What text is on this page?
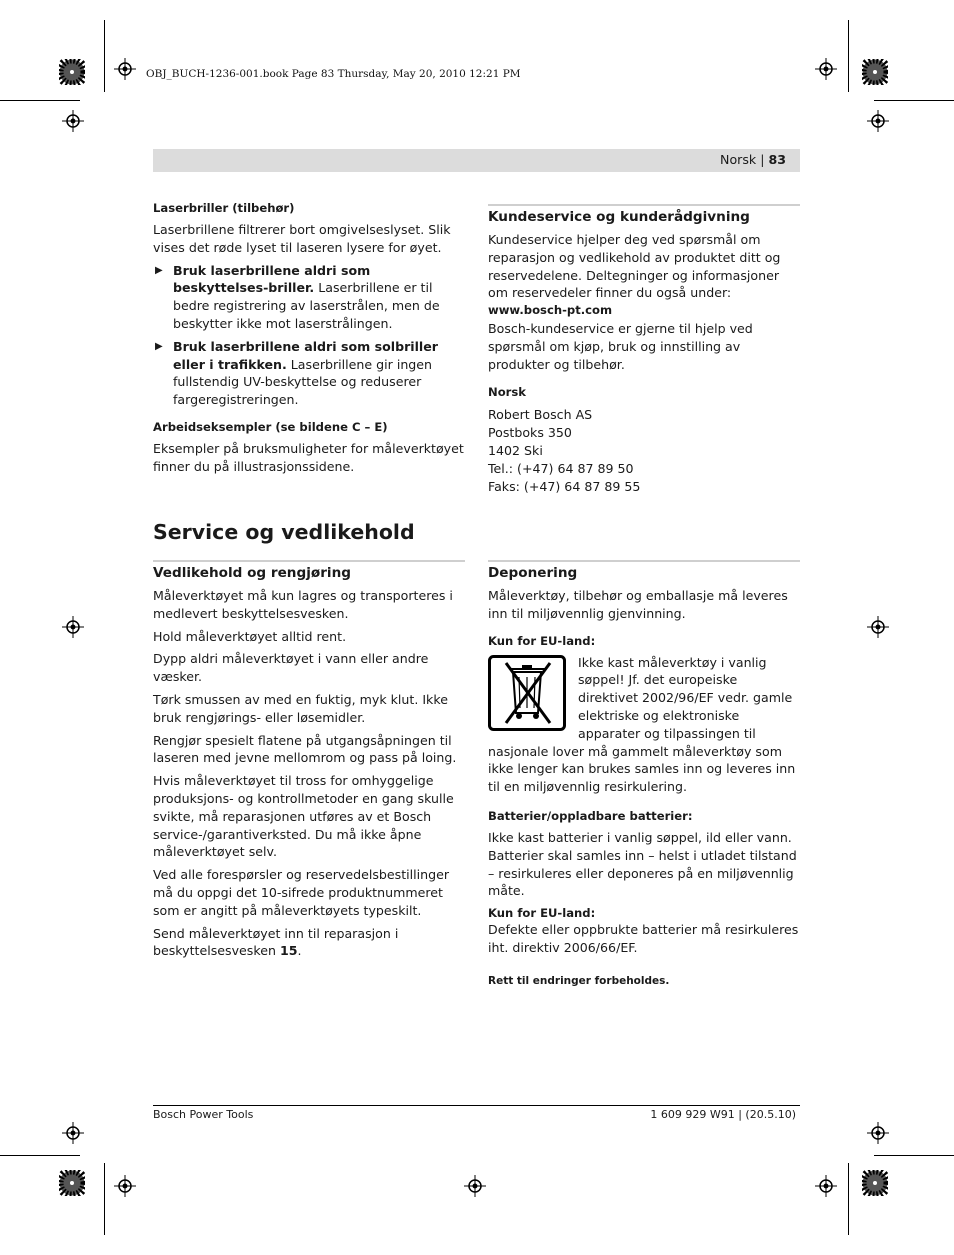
OBJ_BUCH-1236-001.book Page 83 Thursday, May 20, 2010 12:21 PM
Norsk | 83
Laserbriller (tilbehør)

Laserbrillene filtrerer bort omgivelseslyset. Slik vises det røde lyset til laseren lysere for øyet.

▶ Bruk laserbrillene aldri som beskyttelses-briller. Laserbrillene er til bedre registrering av laserstrålen, men de beskytter ikke mot laserstrålingen.
▶ Bruk laserbrillene aldri som solbriller eller i trafikken. Laserbrillene gir ingen fullstendig UV-beskyttelse og reduserer fargeregistreringen.
Arbeidseksempler (se bildene C – E)

Eksempler på bruksmuligheter for måleverktøyet finner du på illustrasjonssidene.

Kundeservice og kunderådgivning

Kundeservice hjelper deg ved spørsmål om reparasjon og vedlikehold av produktet ditt og reservedelene. Deltegninger og informasjoner om reservedeler finner du også under:

www.bosch-pt.com

Bosch-kundeservice er gjerne til hjelp ved spørsmål om kjøp, bruk og innstilling av produkter og tilbehør.

Norsk
Robert Bosch AS
Postboks 350
1402 Ski
Tel.: (+47) 64 87 89 50
Faks: (+47) 64 87 89 55
Service og vedlikehold
Vedlikehold og rengjøring

Måleverktøyet må kun lagres og transporteres i medlevert beskyttelsesvesken.

Hold måleverktøyet alltid rent.

Dypp aldri måleverktøyet i vann eller andre væsker.

Tørk smussen av med en fuktig, myk klut. Ikke bruk rengjørings- eller løsemidler.

Rengjør spesielt flatene på utgangsåpningen til laseren med jevne mellomrom og pass på loing.

Hvis måleverktøyet til tross for omhyggelige produksjons- og kontrollmetoder en gang skulle svikte, må reparasjonen utføres av et Bosch service-/garantiverksted. Du må ikke åpne måleverktøyet selv.

Ved alle forespørsler og reservedelsbestillinger må du oppgi det 10-sifrede produktnummeret som er angitt på måleverktøyets typeskilt.

Send måleverktøyet inn til reparasjon i beskyttelsesvesken 15.

Deponering

Måleverktøy, tilbehør og emballasje må leveres inn til miljøvennlig gjenvinning.

Kun for EU-land:
Ikke kast måleverktøy i vanlig søppel! Jf. det europeiske direktivet 2002/96/EF vedr. gamle elektriske og elektroniske apparater og tilpassingen til nasjonale lover må gammelt måleverktøy som ikke lenger kan brukes samles inn og leveres inn til en miljøvennlig resirkulering.
Batterier/oppladbare batterier:

Ikke kast batterier i vanlig søppel, ild eller vann. Batterier skal samles inn – helst i utladet tilstand – resirkuleres eller deponeres på en miljøvennlig måte.

Kun for EU-land:

Defekte eller oppbrukte batterier må resirkuleres iht. direktiv 2006/66/EF.

Rett til endringer forbeholdes.
Bosch Power Tools	1 609 929 W91 | (20.5.10)
